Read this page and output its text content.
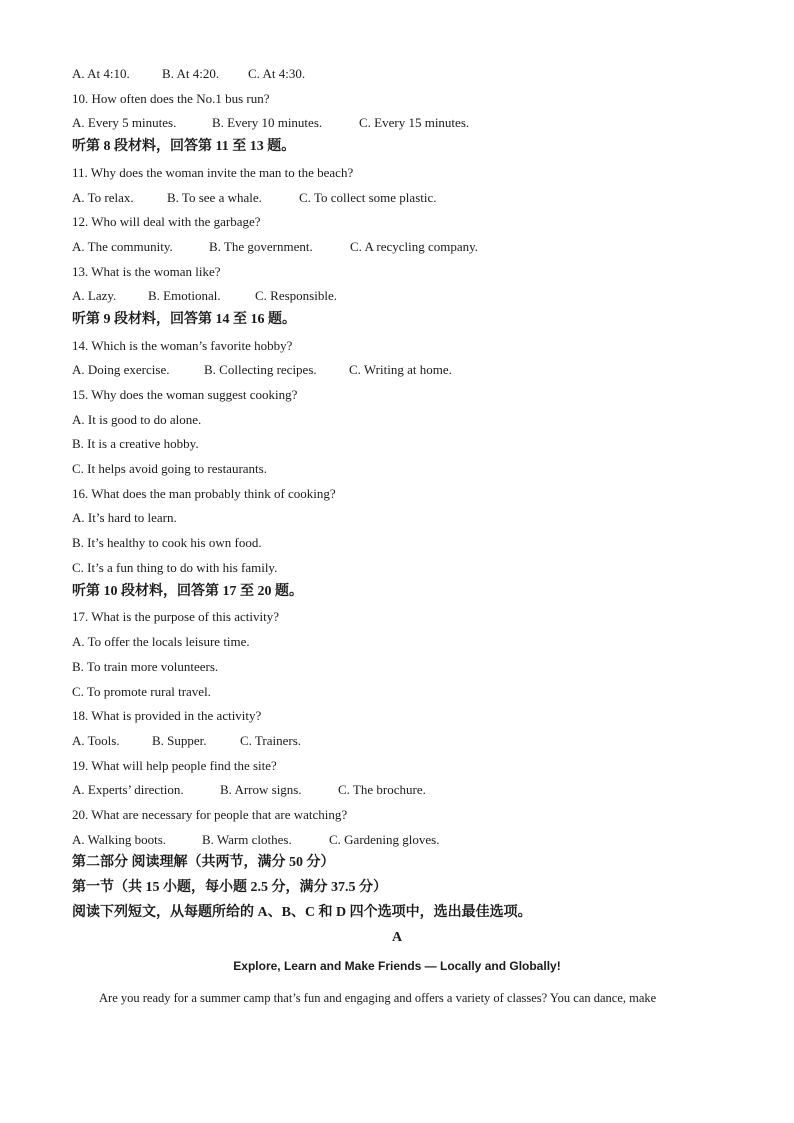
A. At 4:10. B. At 4:20. C. At 4:30.
10. How often does the No.1 bus run?
A. Every 5 minutes.	B. Every 10 minutes.	C. Every 15 minutes.
听第 8 段材料，回答第 11 至 13 题。
11. Why does the woman invite the man to the beach?
A. To relax.	B. To see a whale.	C. To collect some plastic.
12. Who will deal with the garbage?
A. The community.	B. The government.	C. A recycling company.
13. What is the woman like?
A. Lazy. B. Emotional.	C. Responsible.
听第 9 段材料，回答第 14 至 16 题。
14. Which is the woman’s favorite hobby?
A. Doing exercise.	B. Collecting recipes. C. Writing at home.
15. Why does the woman suggest cooking?
A. It is good to do alone.
B. It is a creative hobby.
C. It helps avoid going to restaurants.
16. What does the man probably think of cooking?
A. It’s hard to learn.
B. It’s healthy to cook his own food.
C. It’s a fun thing to do with his family.
听第 10 段材料，回答第 17 至 20 题。
17. What is the purpose of this activity?
A. To offer the locals leisure time.
B. To train more volunteers.
C. To promote rural travel.
18. What is provided in the activity?
A. Tools. B. Supper.	C. Trainers.
19. What will help people find the site?
A. Experts’ direction.	B. Arrow signs.	C. The brochure.
20. What are necessary for people that are watching?
A. Walking boots.	B. Warm clothes.	C. Gardening gloves.
第二部分 阅读理解（共两节，满分 50 分）
第一节（共 15 小题，每小题 2.5 分，满分 37.5 分）
阅读下列短文，从每题所给的 A、B、C 和 D 四个选项中，选出最佳选项。
A
Explore, Learn and Make Friends — Locally and Globally!
Are you ready for a summer camp that’s fun and engaging and offers a variety of classes? You can dance, make
